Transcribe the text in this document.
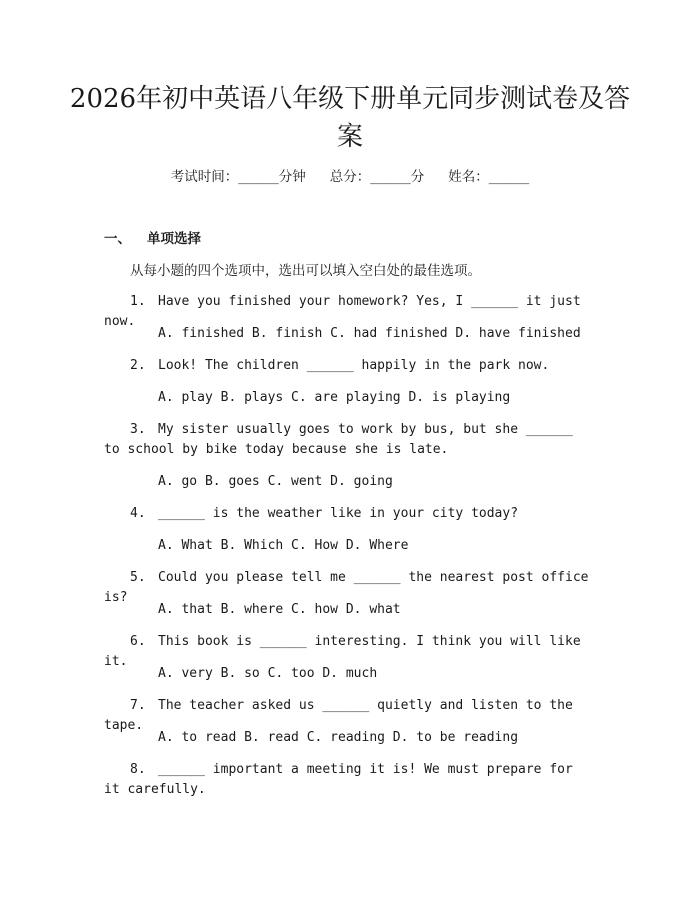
2026年初中英语八年级下册单元同步测试卷及答案
考试时间：______分钟 总分：______分 姓名：______
一、 单项选择
从每小题的四个选项中，选出可以填入空白处的最佳选项。
1. Have you finished your homework? Yes, I ______ it just now.
A. finished B. finish C. had finished D. have finished
2. Look! The children ______ happily in the park now.
A. play B. plays C. are playing D. is playing
3. My sister usually goes to work by bus, but she ______ to school by bike today because she is late.
A. go B. goes C. went D. going
4. ______ is the weather like in your city today?
A. What B. Which C. How D. Where
5. Could you please tell me ______ the nearest post office is?
A. that B. where C. how D. what
6. This book is ______ interesting. I think you will like it.
A. very B. so C. too D. much
7. The teacher asked us ______ quietly and listen to the tape.
A. to read B. read C. reading D. to be reading
8. ______ important a meeting it is! We must prepare for it carefully.
